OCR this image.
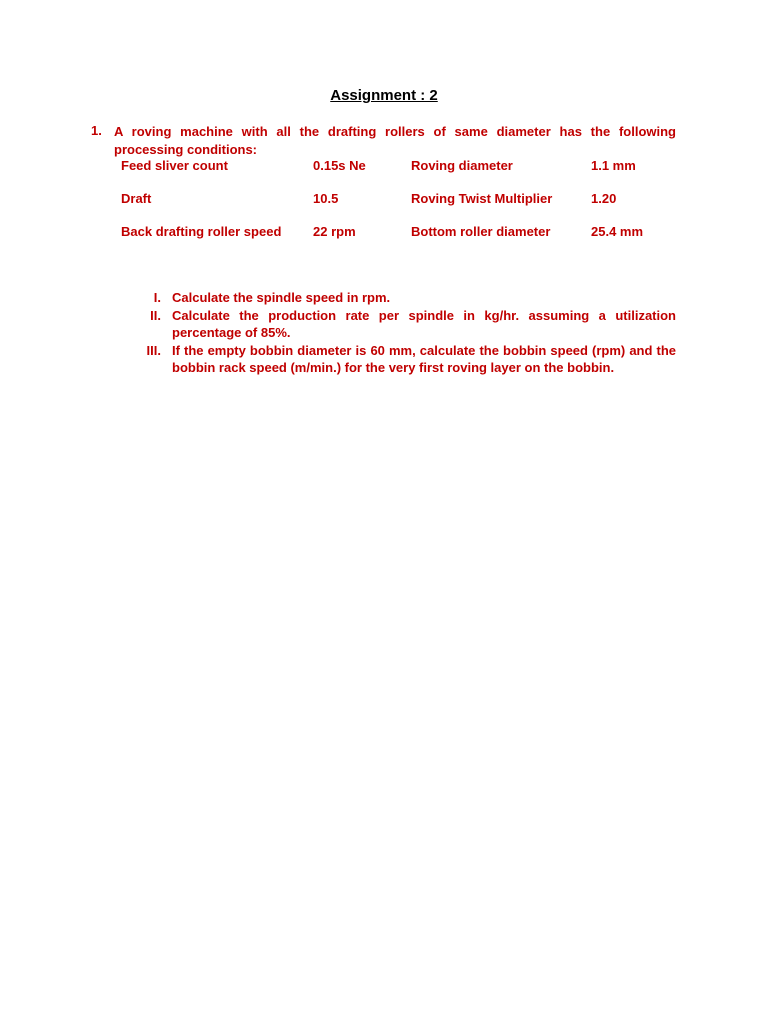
Assignment : 2
1. A roving machine with all the drafting rollers of same diameter has the following processing conditions:
Feed sliver count	0.15s Ne	Roving diameter	1.1 mm
Draft	10.5	Roving Twist Multiplier	1.20
Back drafting roller speed 22 rpm	Bottom roller diameter	25.4 mm
I. Calculate the spindle speed in rpm.
II. Calculate the production rate per spindle in kg/hr. assuming a utilization percentage of 85%.
III. If the empty bobbin diameter is 60 mm, calculate the bobbin speed (rpm) and the bobbin rack speed (m/min.) for the very first roving layer on the bobbin.
